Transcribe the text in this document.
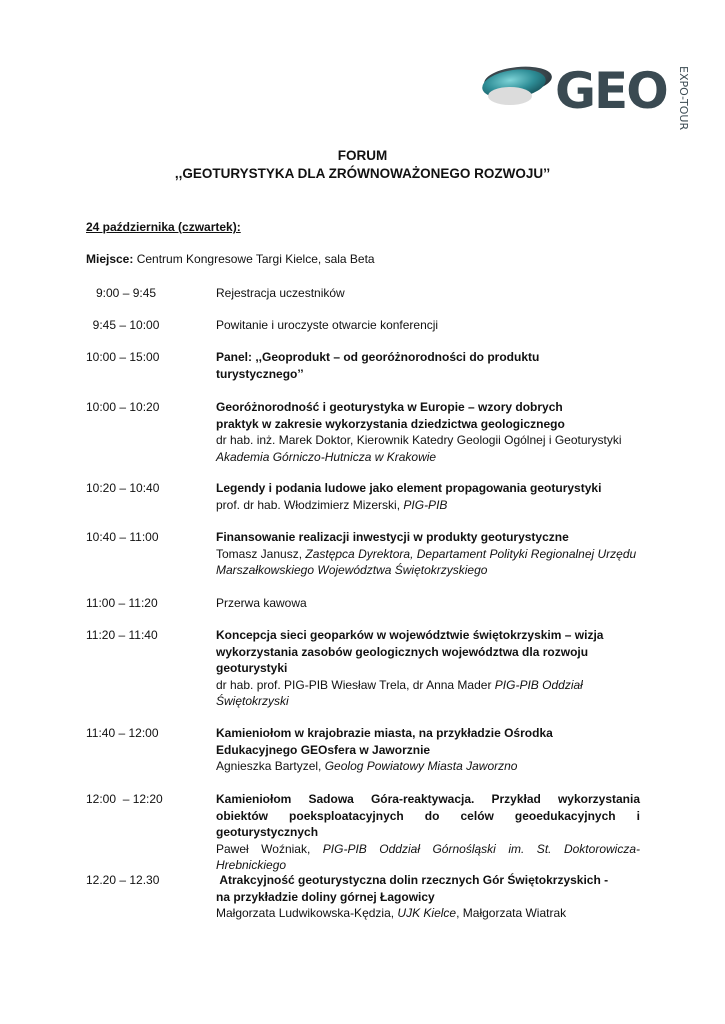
GEO EXPO-TOUR
FORUM
,,GEOTURYSTYKA DLA ZRÓWNOWAŻONEGO ROZWOJU’’
24 października (czwartek):
Miejsce: Centrum Kongresowe Targi Kielce, sala Beta
9:00 – 9:45	Rejestracja uczestników
9:45 – 10:00	Powitanie i uroczyste otwarcie konferencji
10:00 – 15:00	Panel: ,,Geoprodukt – od georóżnorodności do produktu turystycznego’’
10:00 – 10:20	Georóżnorodność i geoturystyka w Europie – wzory dobrych praktyk w zakresie wykorzystania dziedzictwa geologicznego
dr hab. inż. Marek Doktor, Kierownik Katedry Geologii Ogólnej i Geoturystyki
Akademia Górniczo-Hutnicza w Krakowie
10:20 – 10:40	Legendy i podania ludowe jako element propagowania geoturystyki
prof. dr hab. Włodzimierz Mizerski, PIG-PIB
10:40 – 11:00	Finansowanie realizacji inwestycji w produkty geoturystyczne
Tomasz Janusz, Zastępca Dyrektora, Departament Polityki Regionalnej Urzędu Marszałkowskiego Województwa Świętokrzyskiego
11:00 – 11:20	Przerwa kawowa
11:20 – 11:40	Koncepcja sieci geoparków w województwie świętokrzyskim – wizja wykorzystania zasobów geologicznych województwa dla rozwoju geoturystyki
dr hab. prof. PIG-PIB Wiesław Trela, dr Anna Mader PIG-PIB Oddział Świętokrzyski
11:40 – 12:00	Kamieniołom w krajobrazie miasta, na przykładzie Ośrodka Edukacyjnego GEOsfera w Jaworznie
Agnieszka Bartyzel, Geolog Powiatowy Miasta Jaworzno
12:00  – 12:20	Kamieniołom Sadowa Góra-reaktywacja. Przykład wykorzystania obiektów poeksploatacyjnych do celów geoedukacyjnych i geoturystycznych
Paweł Woźniak, PIG-PIB Oddział Górnośląski im. St. Doktorowicza-Hrebnickiego
12.20 – 12.30	Atrakcyjność geoturystyczna dolin rzecznych Gór Świętokrzyskich - na przykładzie doliny górnej Łagowicy
Małgorzata Ludwikowska-Kędzia, UJK Kielce, Małgorzata Wiatrak
